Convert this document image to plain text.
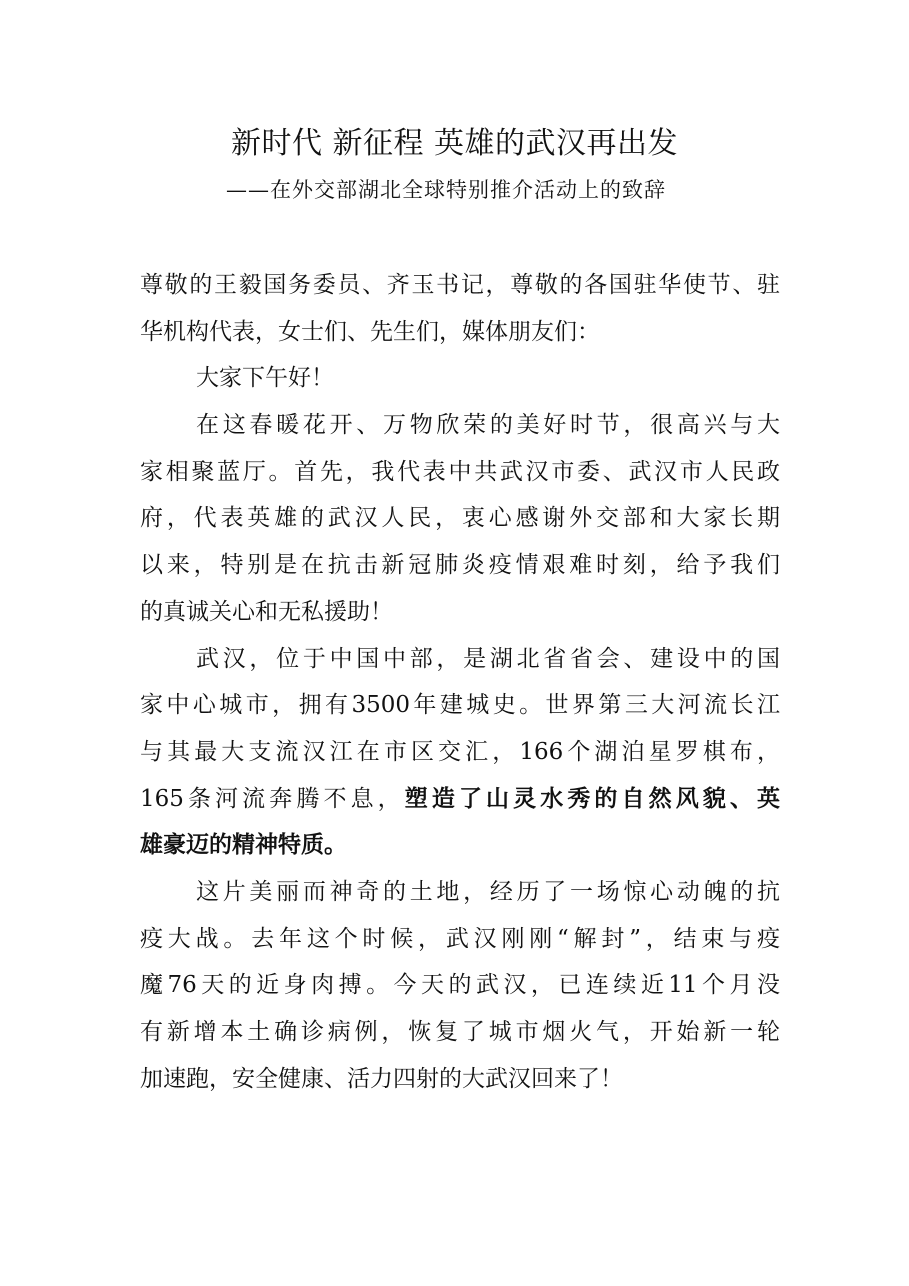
新时代 新征程 英雄的武汉再出发
——在外交部湖北全球特别推介活动上的致辞
尊敬的王毅国务委员、齐玉书记，尊敬的各国驻华使节、驻
华机构代表，女士们、先生们，媒体朋友们：
大家下午好！
在这春暖花开、万物欣荣的美好时节，很高兴与大
家相聚蓝厅。首先，我代表中共武汉市委、武汉市人民政
府，代表英雄的武汉人民，衷心感谢外交部和大家长期
以来，特别是在抗击新冠肺炎疫情艰难时刻，给予我们
的真诚关心和无私援助！
武汉，位于中国中部，是湖北省省会、建设中的国
家中心城市，拥有3500年建城史。世界第三大河流长江
与其最大支流汉江在市区交汇，166个湖泊星罗棋布，
165条河流奔腾不息，塑造了山灵水秀的自然风貌、英
雄豪迈的精神特质。
这片美丽而神奇的土地，经历了一场惊心动魄的抗
疫大战。去年这个时候，武汉刚刚“解封”，结束与疫
魔76天的近身肉搏。今天的武汉，已连续近11个月没
有新增本土确诊病例，恢复了城市烟火气，开始新一轮
加速跑，安全健康、活力四射的大武汉回来了！
